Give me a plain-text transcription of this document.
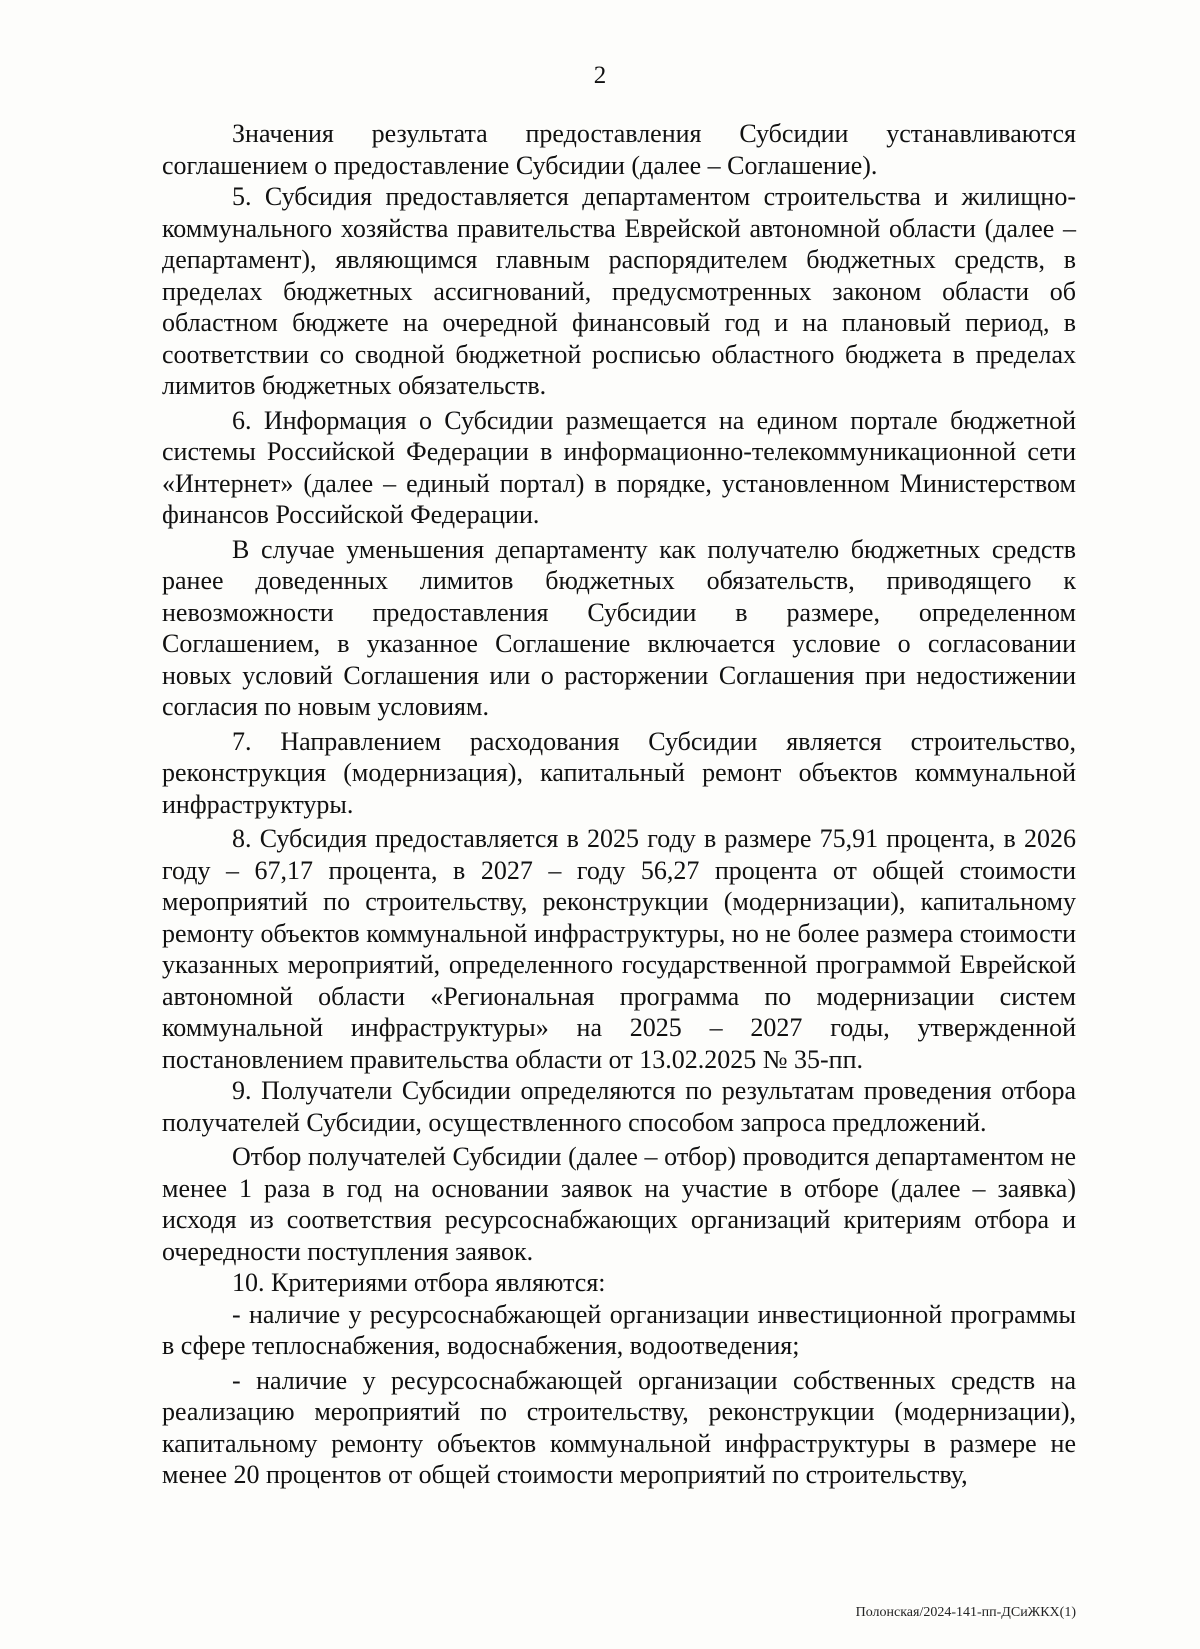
2

Значения результата предоставления Субсидии устанавливаются соглашением о предоставление Субсидии (далее – Соглашение).

5. Субсидия предоставляется департаментом строительства и жилищно-коммунального хозяйства правительства Еврейской автономной области (далее – департамент), являющимся главным распорядителем бюджетных средств, в пределах бюджетных ассигнований, предусмотренных законом области об областном бюджете на очередной финансовый год и на плановый период, в соответствии со сводной бюджетной росписью областного бюджета в пределах лимитов бюджетных обязательств.

6. Информация о Субсидии размещается на едином портале бюджетной системы Российской Федерации в информационно-телекоммуникационной сети «Интернет» (далее – единый портал) в порядке, установленном Министерством финансов Российской Федерации.

В случае уменьшения департаменту как получателю бюджетных средств ранее доведенных лимитов бюджетных обязательств, приводящего к невозможности предоставления Субсидии в размере, определенном Соглашением, в указанное Соглашение включается условие о согласовании новых условий Соглашения или о расторжении Соглашения при недостижении согласия по новым условиям.

7. Направлением расходования Субсидии является строительство, реконструкция (модернизация), капитальный ремонт объектов коммунальной инфраструктуры.

8. Субсидия предоставляется в 2025 году в размере 75,91 процента, в 2026 году – 67,17 процента, в 2027 – году 56,27 процента от общей стоимости мероприятий по строительству, реконструкции (модернизации), капитальному ремонту объектов коммунальной инфраструктуры, но не более размера стоимости указанных мероприятий, определенного государственной программой Еврейской автономной области «Региональная программа по модернизации систем коммунальной инфраструктуры» на 2025 – 2027 годы, утвержденной постановлением правительства области от 13.02.2025 № 35-пп.

9. Получатели Субсидии определяются по результатам проведения отбора получателей Субсидии, осуществленного способом запроса предложений.

Отбор получателей Субсидии (далее – отбор) проводится департаментом не менее 1 раза в год на основании заявок на участие в отборе (далее – заявка) исходя из соответствия ресурсоснабжающих организаций критериям отбора и очередности поступления заявок.

10. Критериями отбора являются:

- наличие у ресурсоснабжающей организации инвестиционной программы в сфере теплоснабжения, водоснабжения, водоотведения;

- наличие у ресурсоснабжающей организации собственных средств на реализацию мероприятий по строительству, реконструкции (модернизации), капитальному ремонту объектов коммунальной инфраструктуры в размере не менее 20 процентов от общей стоимости мероприятий по строительству,

Полонская/2024-141-пп-ДСиЖКХ(1)
